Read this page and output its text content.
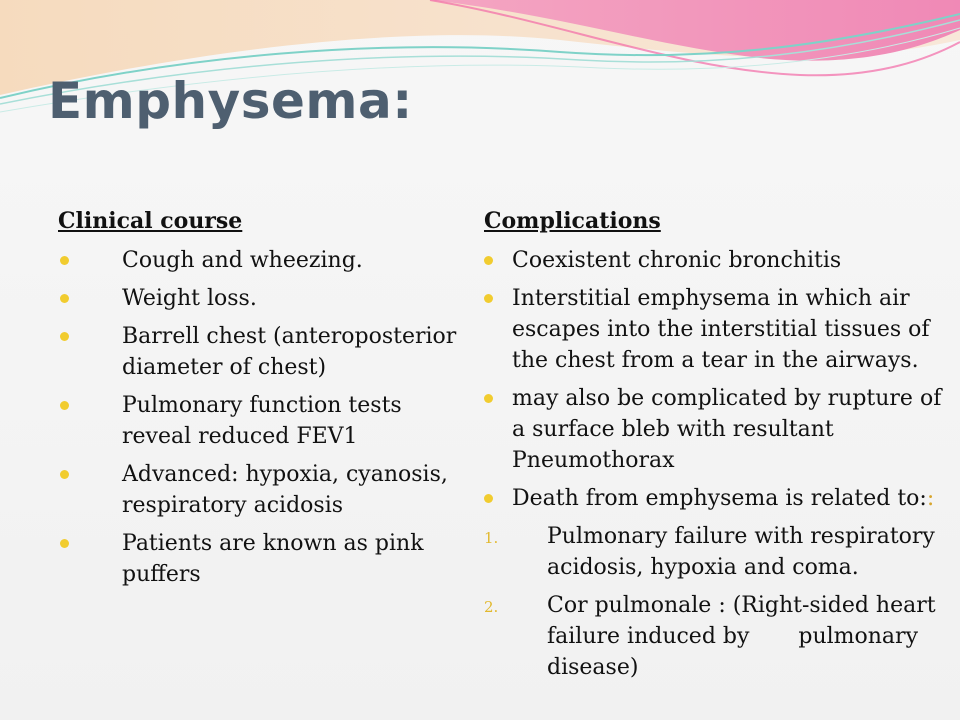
Emphysema:
Clinical course
Cough and wheezing.
Weight loss.
Barrell chest (anteroposterior diameter of chest)
Pulmonary function tests reveal reduced FEV1
Advanced: hypoxia, cyanosis, respiratory acidosis
Patients are known as pink puffers
Complications
Coexistent chronic bronchitis
Interstitial emphysema in which air escapes into the interstitial tissues of the chest from a tear in the airways.
may also be complicated by rupture of a surface bleb with resultant Pneumothorax
Death from emphysema is related to::
1. Pulmonary failure with respiratory acidosis, hypoxia and coma.
2. Cor pulmonale : (Right-sided heart failure induced by       pulmonary disease)
